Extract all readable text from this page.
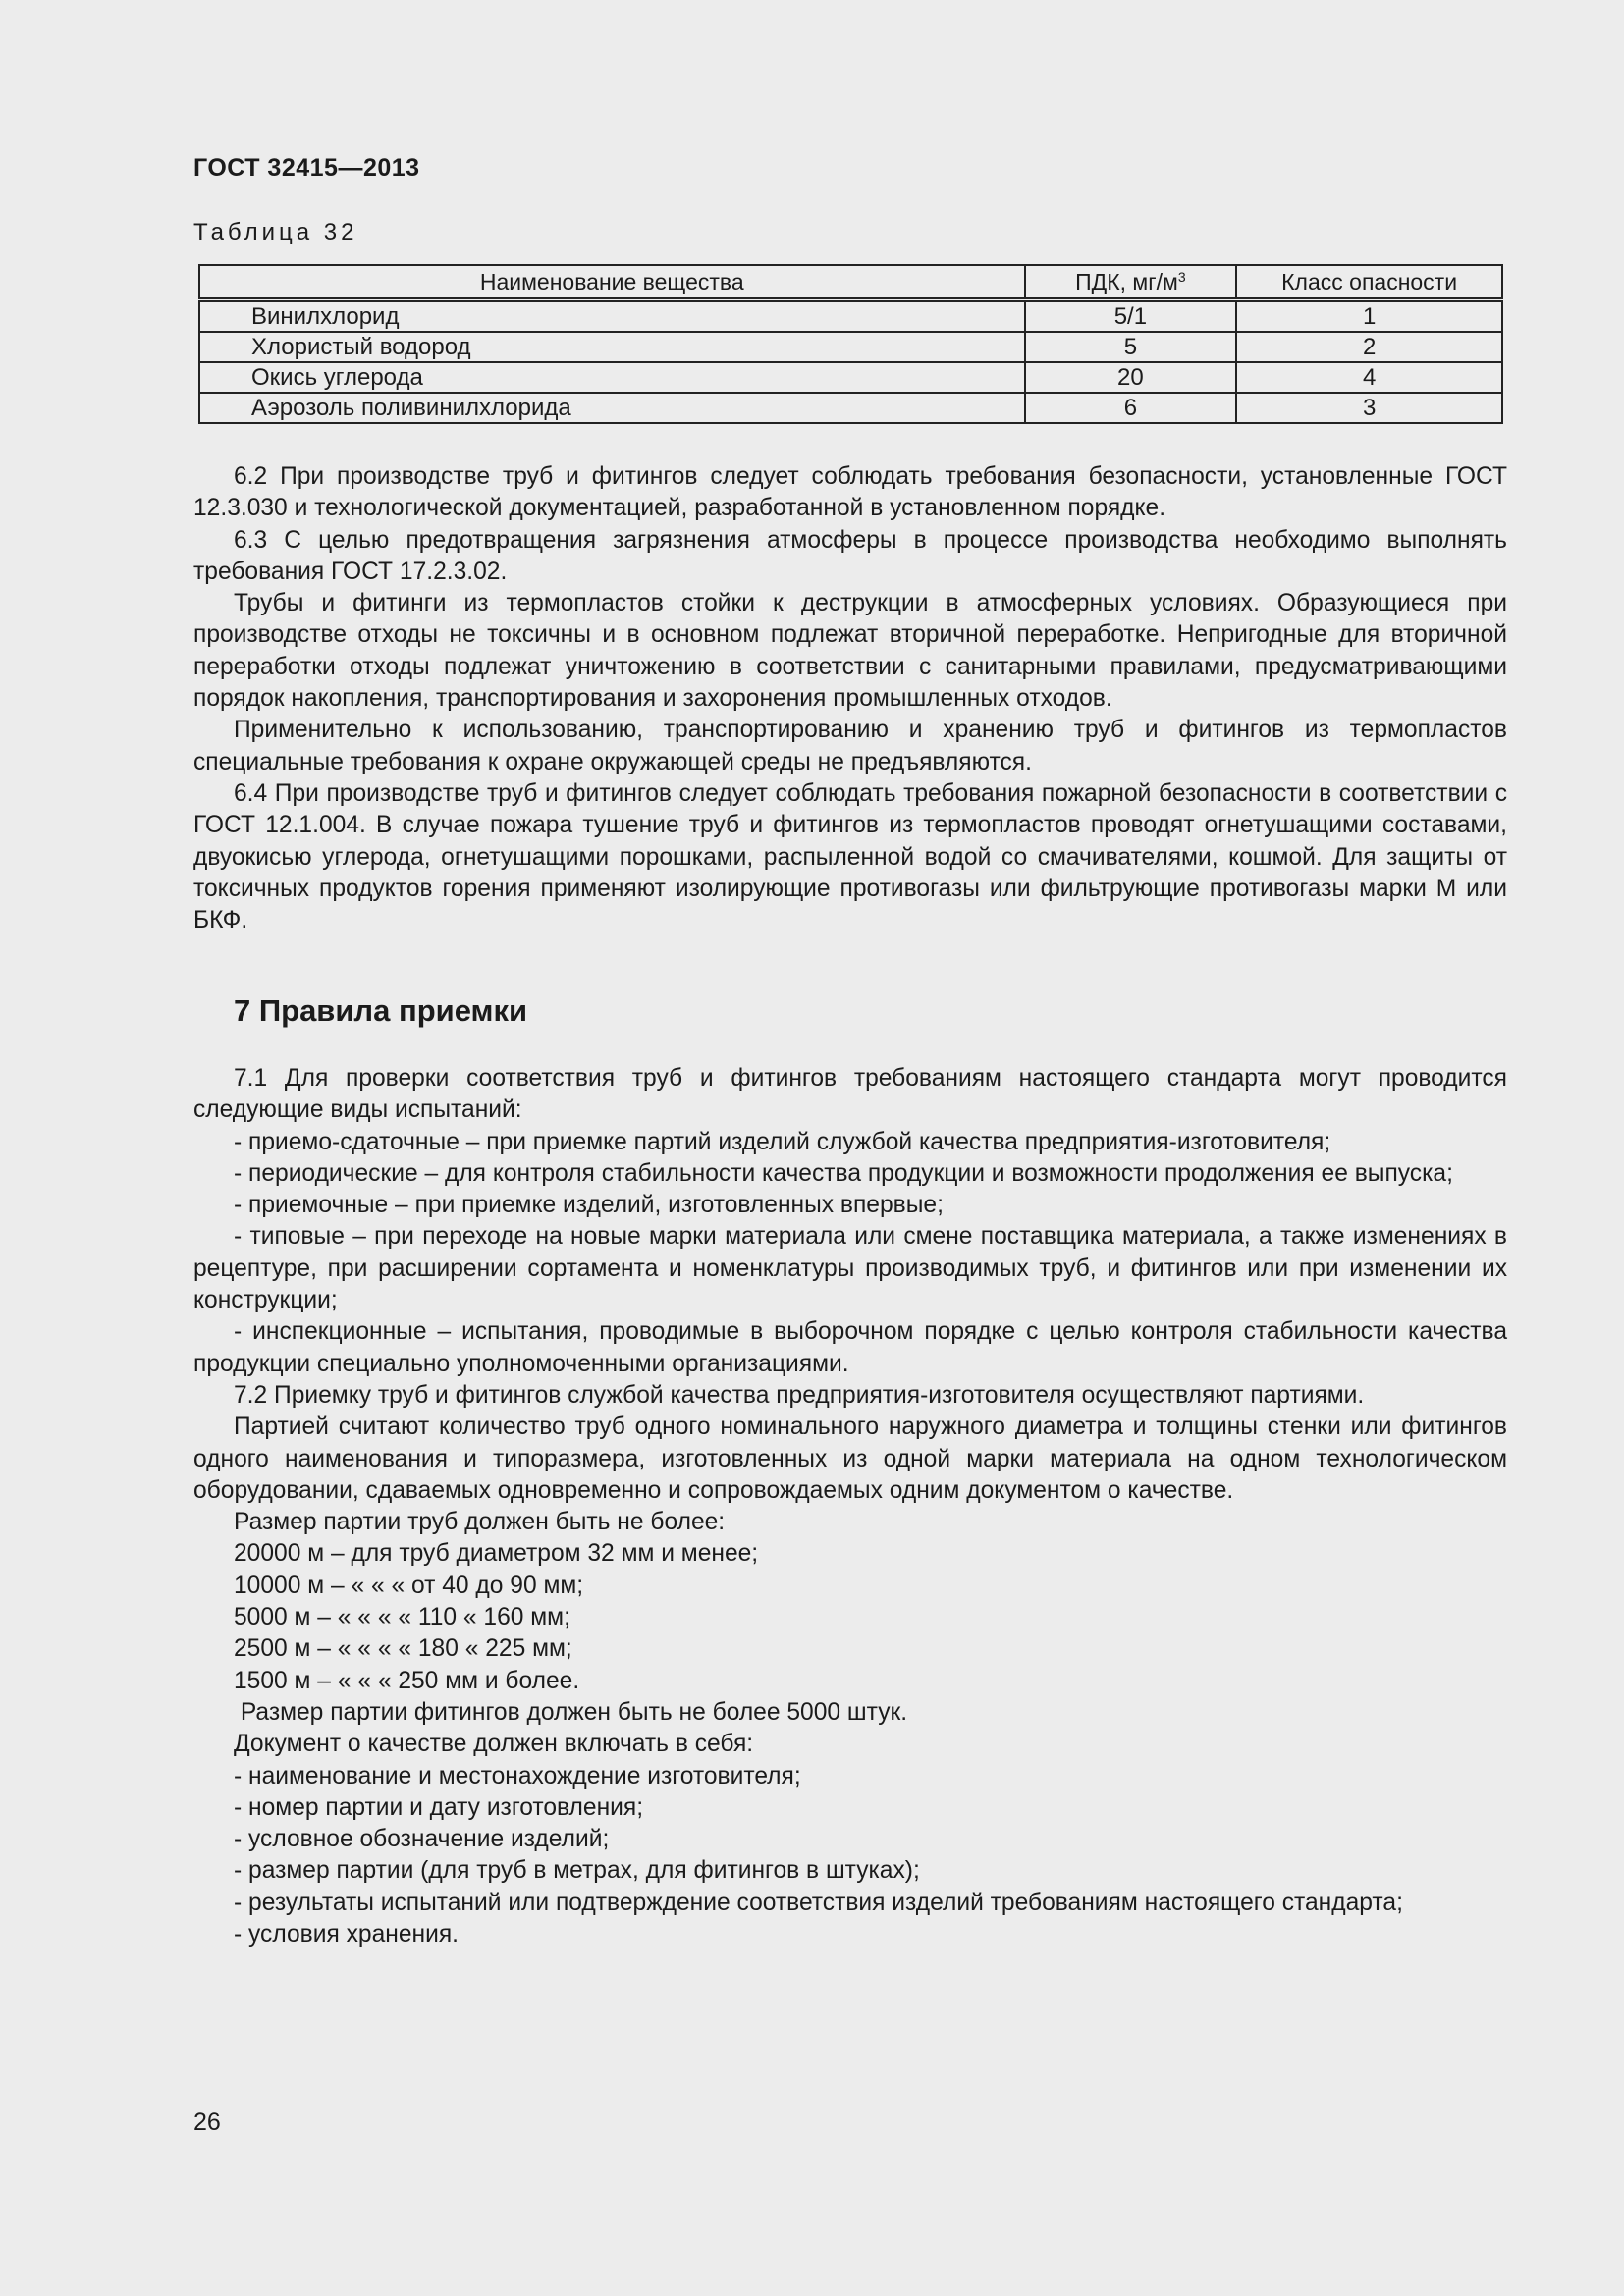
ГОСТ 32415—2013
Таблица 32
Наименование вещества	ПДК, $мг/м^3$	Класс опасности
Винилхлорид	5/1	1
Хлористый водород	5	2
Окись углерода	20	4
Аэрозоль поливинилхлорида	6	3

6.2 При производстве труб и фитингов следует соблюдать требования безопасности, установленные ГОСТ 12.3.030 и технологической документацией, разработанной в установленном порядке.

6.3 С целью предотвращения загрязнения атмосферы в процессе производства необходимо выполнять требования ГОСТ 17.2.3.02.

Трубы и фитинги из термопластов стойки к деструкции в атмосферных условиях. Образующиеся при производстве отходы не токсичны и в основном подлежат вторичной переработке. Непригодные для вторичной переработки отходы подлежат уничтожению в соответствии с санитарными правилами, предусматривающими порядок накопления, транспортирования и захоронения промышленных отходов.

Применительно к использованию, транспортированию и хранению труб и фитингов из термопластов специальные требования к охране окружающей среды не предъявляются.

6.4 При производстве труб и фитингов следует соблюдать требования пожарной безопасности в соответствии с ГОСТ 12.1.004. В случае пожара тушение труб и фитингов из термопластов проводят огнетушащими составами, двуокисью углерода, огнетушащими порошками, распыленной водой со смачивателями, кошмой. Для защиты от токсичных продуктов горения применяют изолирующие противогазы или фильтрующие противогазы марки М или БКФ.

7 Правила приемки

7.1 Для проверки соответствия труб и фитингов требованиям настоящего стандарта могут проводится следующие виды испытаний:

- приемо-сдаточные – при приемке партий изделий службой качества предприятия-изготовителя;

- периодические – для контроля стабильности качества продукции и возможности продолжения ее выпуска;

- приемочные – при приемке изделий, изготовленных впервые;

- типовые – при переходе на новые марки материала или смене поставщика материала, а также изменениях в рецептуре, при расширении сортамента и номенклатуры производимых труб, и фитингов или при изменении их конструкции;

- инспекционные – испытания, проводимые в выборочном порядке с целью контроля стабильности качества продукции специально уполномоченными организациями.

7.2 Приемку труб и фитингов службой качества предприятия-изготовителя осуществляют партиями.

Партией считают количество труб одного номинального наружного диаметра и толщины стенки или фитингов одного наименования и типоразмера, изготовленных из одной марки материала на одном технологическом оборудовании, сдаваемых одновременно и сопровождаемых одним документом о качестве.

Размер партии труб должен быть не более:

20000 м – для труб диаметром 32 мм и менее;

10000 м – « « « от 40 до 90 мм;

5000 м – « « « « 110 « 160 мм;

2500 м – « « « « 180 « 225 мм;

1500 м – « « « 250 мм и более.

Размер партии фитингов должен быть не более 5000 штук.

Документ о качестве должен включать в себя:

- наименование и местонахождение изготовителя;

- номер партии и дату изготовления;

- условное обозначение изделий;

- размер партии (для труб в метрах, для фитингов в штуках);

- результаты испытаний или подтверждение соответствия изделий требованиям настоящего стандарта;

- условия хранения.

26
